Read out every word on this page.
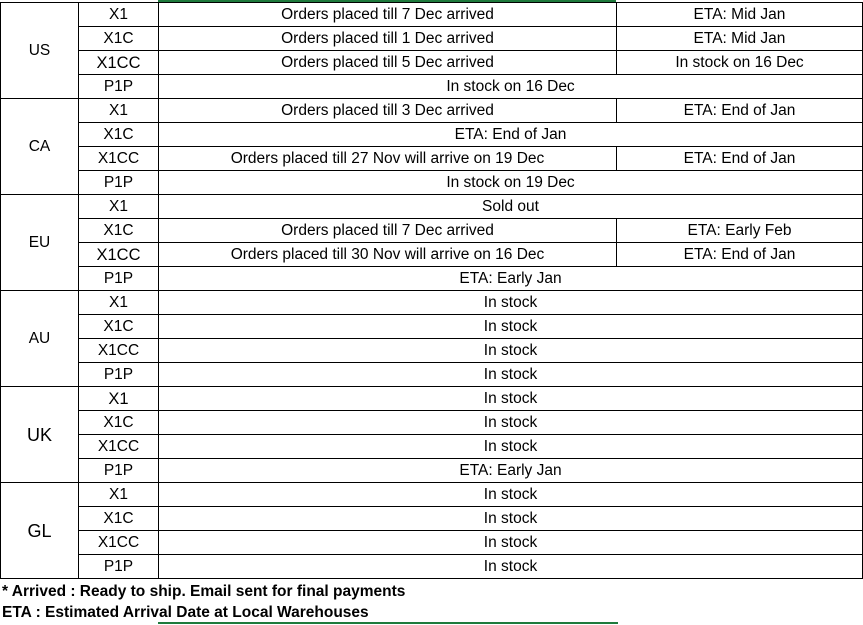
US	X1	Orders placed till 7 Dec arrived	ETA: Mid Jan
	X1C	Orders placed till 1 Dec arrived	ETA: Mid Jan
	X1CC	Orders placed till 5 Dec arrived	In stock on 16 Dec
	P1P	In stock on 16 Dec	
CA	X1	Orders placed till 3 Dec arrived	ETA: End of Jan
	X1C	ETA: End of Jan	
	X1CC	Orders placed till 27 Nov will arrive on 19 Dec	ETA: End of Jan
	P1P	In stock on 19 Dec	
EU	X1	Sold out	
	X1C	Orders placed till 7 Dec arrived	ETA: Early Feb
	X1CC	Orders placed till 30 Nov will arrive on 16 Dec	ETA: End of Jan
	P1P	ETA: Early Jan	
AU	X1	In stock	
	X1C	In stock	
	X1CC	In stock	
	P1P	In stock	
UK	X1	In stock	
	X1C	In stock	
	X1CC	In stock	
	P1P	ETA: Early Jan	
GL	X1	In stock	
	X1C	In stock	
	X1CC	In stock	
	P1P	In stock	
* Arrived : Ready to ship. Email sent for final payments
ETA : Estimated Arrival Date at Local Warehouses
